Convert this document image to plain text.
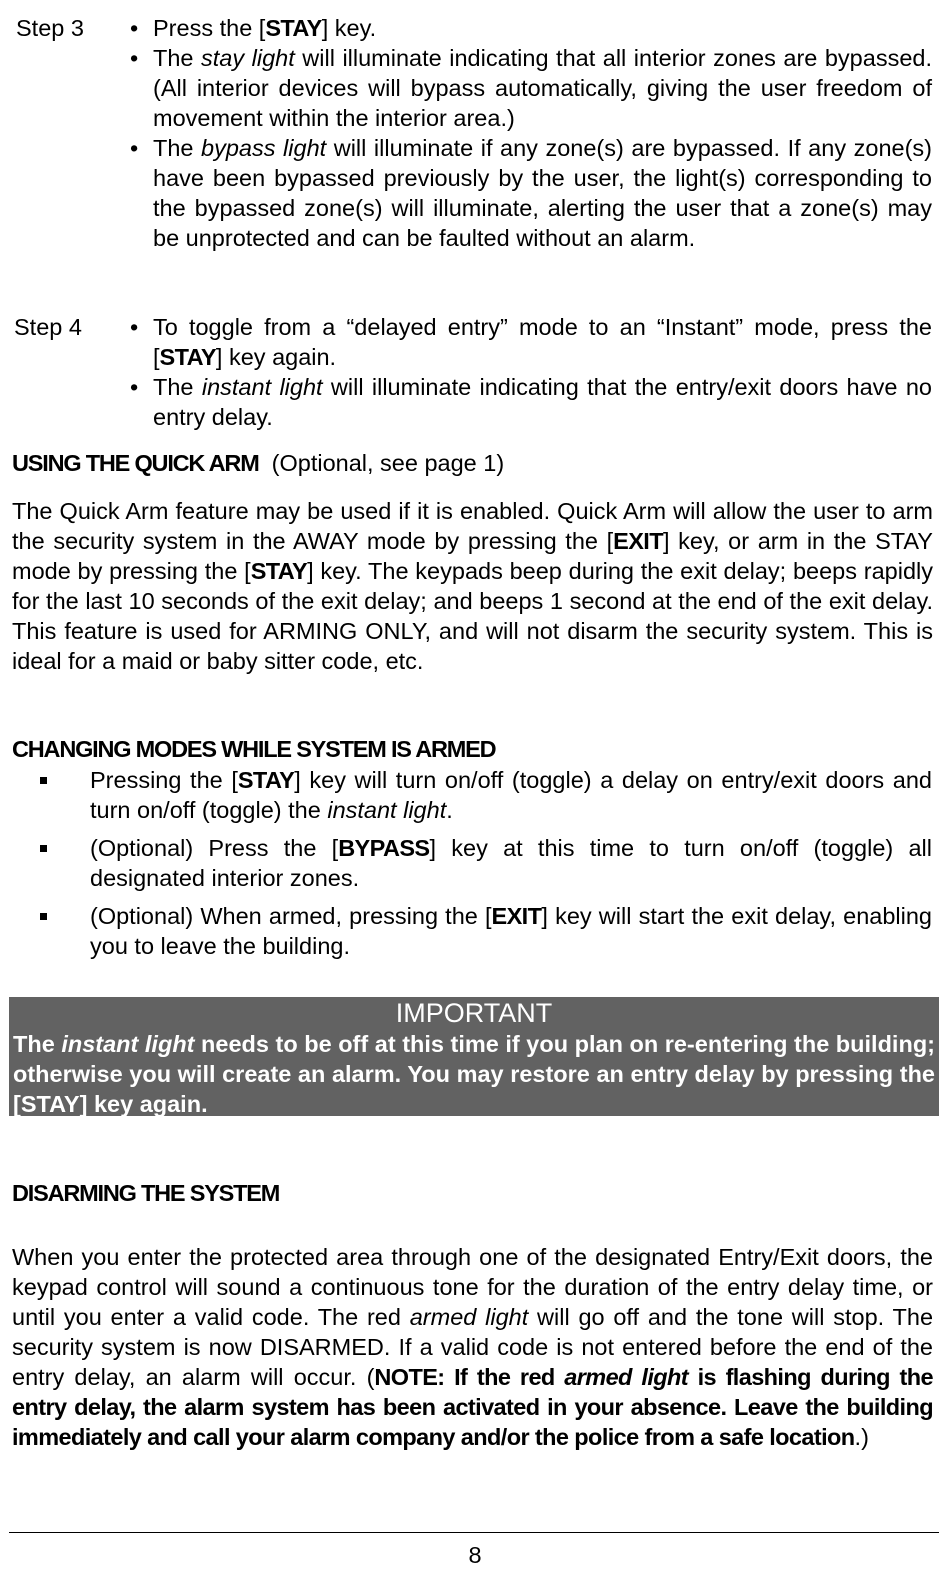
Step 3	• Press the [STAY] key.
• The stay light will illuminate indicating that all interior zones are bypassed. (All interior devices will bypass automatically, giving the user freedom of movement within the interior area.)
• The bypass light will illuminate if any zone(s) are bypassed. If any zone(s) have been bypassed previously by the user, the light(s) corresponding to the bypassed zone(s) will illuminate, alerting the user that a zone(s) may be unprotected and can be faulted without an alarm.
Step 4	• To toggle from a “delayed entry” mode to an “Instant” mode, press the [STAY] key again.
• The instant light will illuminate indicating that the entry/exit doors have no entry delay.
USING THE QUICK ARM (Optional, see page 1)

The Quick Arm feature may be used if it is enabled. Quick Arm will allow the user to arm the security system in the AWAY mode by pressing the [EXIT] key, or arm in the STAY mode by pressing the [STAY] key. The keypads beep during the exit delay; beeps rapidly for the last 10 seconds of the exit delay; and beeps 1 second at the end of the exit delay. This feature is used for ARMING ONLY, and will not disarm the security system. This is ideal for a maid or baby sitter code, etc.

CHANGING MODES WHILE SYSTEM IS ARMED
Pressing the [STAY] key will turn on/off (toggle) a delay on entry/exit doors and turn on/off (toggle) the instant light.
(Optional) Press the [BYPASS] key at this time to turn on/off (toggle) all designated interior zones.
(Optional) When armed, pressing the [EXIT] key will start the exit delay, enabling you to leave the building.
IMPORTANT
The instant light needs to be off at this time if you plan on re-entering the building; otherwise you will create an alarm. You may restore an entry delay by pressing the [STAY] key again.
DISARMING THE SYSTEM

When you enter the protected area through one of the designated Entry/Exit doors, the keypad control will sound a continuous tone for the duration of the entry delay time, or until you enter a valid code. The red armed light will go off and the tone will stop. The security system is now DISARMED. If a valid code is not entered before the end of the entry delay, an alarm will occur. (NOTE: If the red armed light is flashing during the entry delay, the alarm system has been activated in your absence. Leave the building immediately and call your alarm company and/or the police from a safe location.)

8
